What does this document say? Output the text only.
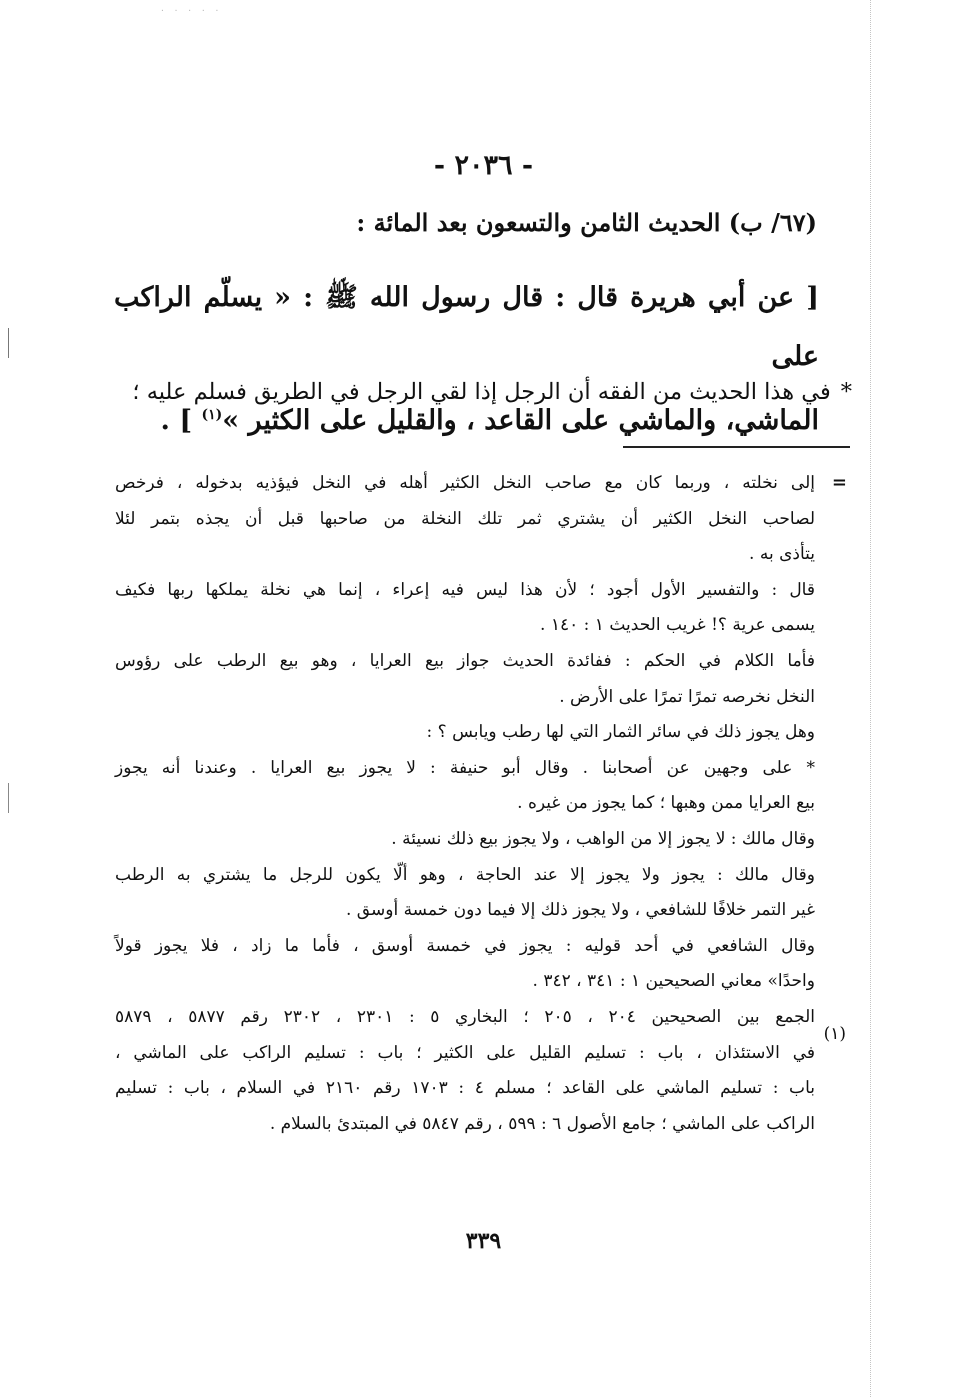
. . . . .
- ٢٠٣٦ -
(٦٧/ ب) الحديث الثامن والتسعون بعد المائة :
[ عن أبي هريرة قال : قال رسول الله ﷺ : « يسلّم الراكب على
الماشي، والماشي على القاعد ، والقليل على الكثير »$^{(١)}$ ] .
*في هذا الحديث من الفقه أن الرجل إذا لقي الرجل في الطريق فسلم عليه ؛
=
إلى نخلته ، وربما كان مع صاحب النخل الكثير أهله في النخل فيؤذيه بدخوله ، فرخص
لصاحب النخل الكثير أن يشتري ثمر تلك النخلة من صاحبها قبل أن يجذه بتمر لئلا
يتأذى به .
قال : والتفسير الأول أجود ؛ لأن هذا ليس فيه إعراء ، إنما هي نخلة يملكها ربها فكيف
يسمى عرية ؟! غريب الحديث ١ : ١٤٠ .
فأما الكلام في الحكم : ففائدة الحديث جواز بيع العرايا ، وهو بيع الرطب على رؤوس
النخل نخرصه تمرًا تمرًا على الأرض .
وهل يجوز ذلك في سائر الثمار التي لها رطب ويابس ؟ :
* على وجهين عن أصحابنا . وقال أبو حنيفة : لا يجوز بيع العرايا . وعندنا أنه يجوز
بيع العرايا ممن وهبها ؛ كما يجوز من غيره .
وقال مالك : لا يجوز إلا من الواهب ، ولا يجوز بيع ذلك نسيئة .
وقال مالك : يجوز ولا يجوز إلا عند الحاجة ، وهو ألّا يكون للرجل ما يشتري به الرطب
غير التمر خلافًا للشافعي ، ولا يجوز ذلك إلا فيما دون خمسة أوسق .
وقال الشافعي في أحد قوليه : يجوز في خمسة أوسق ، فأما ما زاد ، فلا يجوز قولاً
واحدًا» معاني الصحيحين ١ : ٣٤١ ، ٣٤٢ .
الجمع بين الصحيحين ٢٠٤ ، ٢٠٥ ؛ البخاري ٥ : ٢٣٠١ ، ٢٣٠٢ رقم ٥٨٧٧ ، ٥٨٧٩
في الاستئذان ، باب : تسليم القليل على الكثير ؛ باب : تسليم الراكب على الماشي ،
باب : تسليم الماشي على القاعد ؛ مسلم ٤ : ١٧٠٣ رقم ٢١٦٠ في السلام ، باب : تسليم
الراكب على الماشي ؛ جامع الأصول ٦ : ٥٩٩ ، رقم ٥٨٤٧ في المبتدئ بالسلام .
(١)
٣٣٩
